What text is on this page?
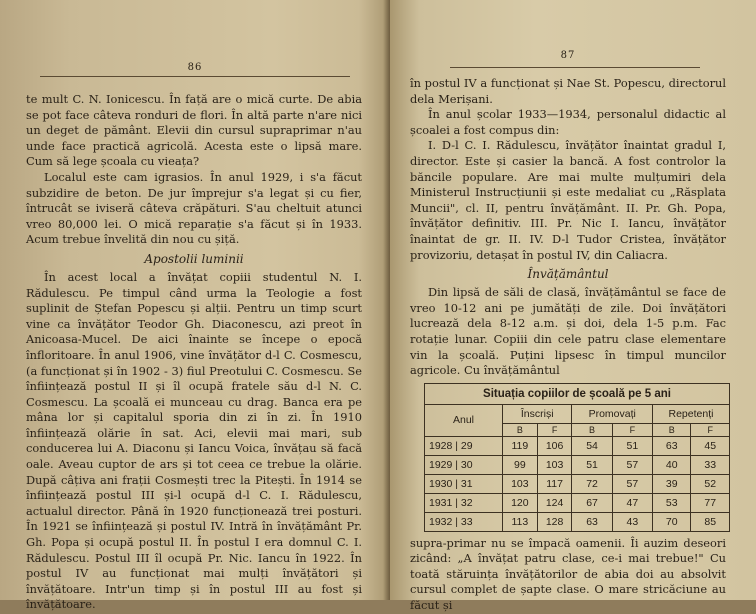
86

te mult C. N. Ionicescu. În față are o mică curte. De abia se pot face câteva ronduri de flori. În altă parte n'are nici un deget de pământ. Elevii din cursul supraprimar n'au unde face practică agricolă. Acesta este o lipsă mare. Cum să lege școala cu vieața?

Localul este cam igrasios. În anul 1929, i s'a făcut subzidire de beton. De jur împrejur s'a legat și cu fier, întrucât se iviseră câteva crăpături. S'au cheltuit atunci vreo 80,000 lei. O mică reparație s'a făcut și în 1933. Acum trebue învelită din nou cu șiță.

Apostolii luminii

În acest local a învățat copiii studentul N. I. Rădulescu. Pe timpul când urma la Teologie a fost suplinit de Ștefan Popescu și alții. Pentru un timp scurt vine ca învățător Teodor Gh. Diaconescu, azi preot în Anicoasa-Mucel. De aici înainte se începe o epocă înfloritoare. În anul 1906, vine învățător d-l C. Cosmescu, (a funcționat și în 1902 - 3) fiul Preotului C. Cosmescu. Se înființează postul II și îl ocupă fratele său d-l N. C. Cosmescu. La școală ei munceau cu drag. Banca era pe mâna lor și capitalul sporia din zi în zi. În 1910 înființează olărie în sat. Aci, elevii mai mari, sub conducerea lui A. Diaconu și Iancu Voica, învățau să facă oale. Aveau cuptor de ars și tot ceea ce trebue la olărie. După câțiva ani frații Cosmești trec la Pitești. În 1914 se înființează postul III și-l ocupă d-l C. I. Rădulescu, actualul director. Până în 1920 funcționează trei posturi. În 1921 se înființează și postul IV. Intră în învățământ Pr. Gh. Popa și ocupă postul II. În postul I era domnul C. I. Rădulescu. Postul III îl ocupă Pr. Nic. Iancu în 1922. În postul IV au funcționat mai mulți învățători și învățătoare. Intr'un timp și în postul III au fost și învățătoare.

87

în postul IV a funcționat și Nae St. Popescu, directorul dela Merișani.

În anul școlar 1933—1934, personalul didactic al școalei a fost compus din:

I. D-l C. I. Rădulescu, învățător înaintat gradul I, director. Este și casier la bancă. A fost controlor la băncile populare. Are mai multe mulțumiri dela Ministerul Instrucțiunii și este medaliat cu „Răsplata Muncii", cl. II, pentru învățământ. II. Pr. Gh. Popa, învățător definitiv. III. Pr. Nic I. Iancu, învățător înaintat de gr. II. IV. D-l Tudor Cristea, învățător provizoriu, detașat în postul IV, din Caliacra.

Învățământul

Din lipsă de săli de clasă, învățământul se face de vreo 10-12 ani pe jumătăți de zile. Doi învățători lucrează dela 8-12 a.m. și doi, dela 1-5 p.m. Fac rotație lunar. Copiii din cele patru clase elementare vin la școală. Puțini lipsesc în timpul muncilor agricole. Cu învățământul

Situația copiilor de școală pe 5 ani						
Anul	Înscriși		Promovați		Repetenți	
	B	F	B	F	B	F
1928 | 29	119	106	54	51	63	45
1929 | 30	99	103	51	57	40	33
1930 | 31	103	117	72	57	39	52
1931 | 32	120	124	67	47	53	77
1932 | 33	113	128	63	43	70	85

supra-primar nu se împacă oamenii. Îi auzim deseori zicând: „A învățat patru clase, ce-i mai trebue!" Cu toată stăruința învățătorilor de abia doi au absolvit cursul complet de șapte clase. O mare stricăciune au făcut și
